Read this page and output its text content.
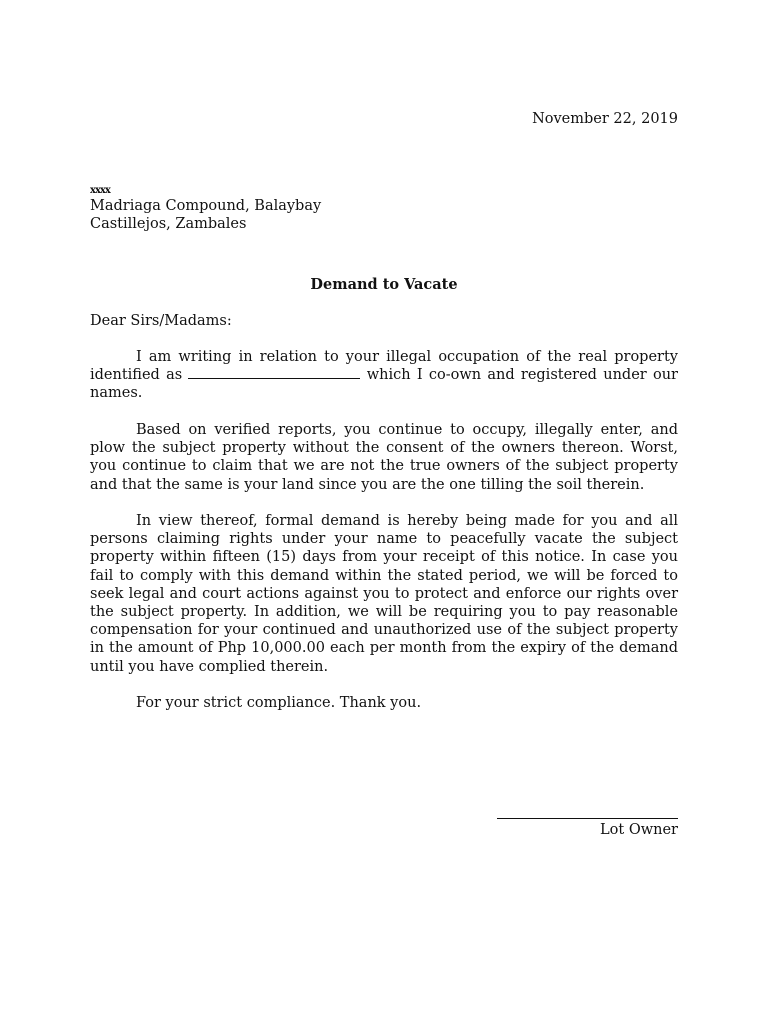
November 22, 2019
xxxx
Madriaga Compound, Balaybay
Castillejos, Zambales
Demand to Vacate
Dear Sirs/Madams:

I am writing in relation to your illegal occupation of the real property identified as	which I co-own and registered under our names.

Based on verified reports, you continue to occupy, illegally enter, and plow the subject property without the consent of the owners thereon. Worst, you continue to claim that we are not the true owners of the subject property and that the same is your land since you are the one tilling the soil therein.

In view thereof, formal demand is hereby being made for you and all persons claiming rights under your name to peacefully vacate the subject property within fifteen (15) days from your receipt of this notice. In case you fail to comply with this demand within the stated period, we will be forced to seek legal and court actions against you to protect and enforce our rights over the subject property. In addition, we will be requiring you to pay reasonable compensation for your continued and unauthorized use of the subject property in the amount of Php 10,000.00 each per month from the expiry of the demand until you have complied therein.

For your strict compliance. Thank you.

Lot Owner
